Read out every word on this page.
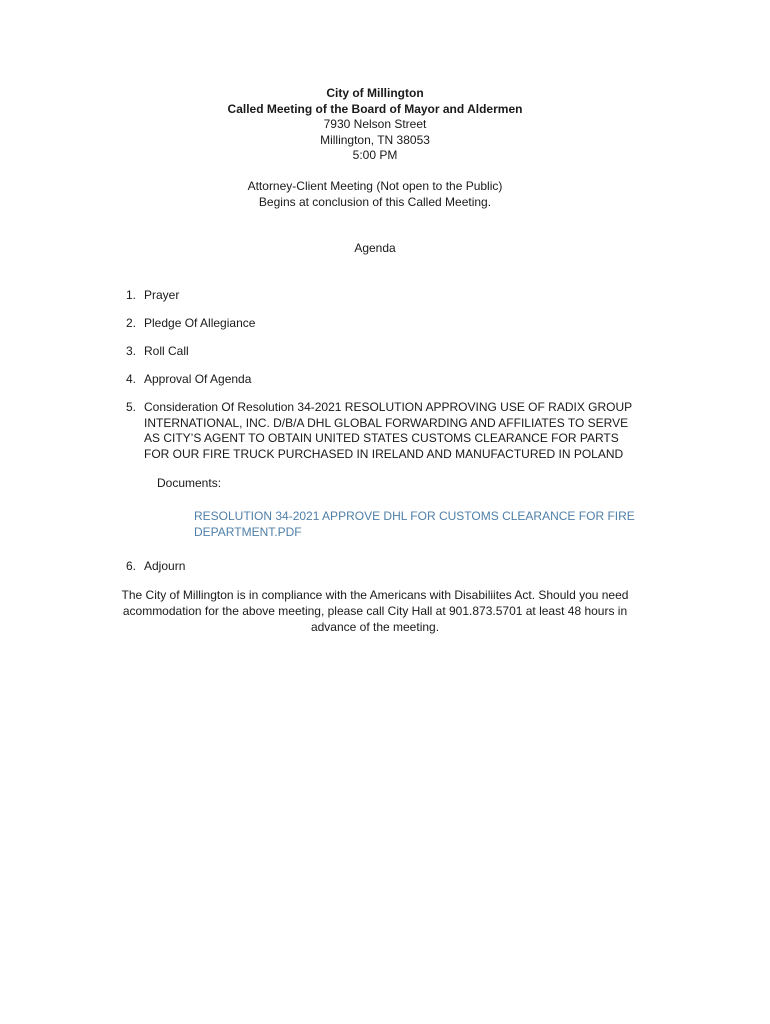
City of Millington
Called Meeting of the Board of Mayor and Aldermen
7930 Nelson Street
Millington, TN 38053
5:00 PM
Attorney-Client Meeting (Not open to the Public)
Begins at conclusion of this Called Meeting.
Agenda
1. Prayer
2. Pledge Of Allegiance
3. Roll Call
4. Approval Of Agenda
5. Consideration Of Resolution 34-2021 RESOLUTION APPROVING USE OF RADIX GROUP INTERNATIONAL, INC. D/B/A DHL GLOBAL FORWARDING AND AFFILIATES TO SERVE AS CITY’S AGENT TO OBTAIN UNITED STATES CUSTOMS CLEARANCE FOR PARTS FOR OUR FIRE TRUCK PURCHASED IN IRELAND AND MANUFACTURED IN POLAND
Documents:
RESOLUTION 34-2021 APPROVE DHL FOR CUSTOMS CLEARANCE FOR FIRE DEPARTMENT.PDF
6. Adjourn
The City of Millington is in compliance with the Americans with Disabiliites Act. Should you need
acommodation for the above meeting, please call City Hall at 901.873.5701 at least 48 hours in
advance of the meeting.
